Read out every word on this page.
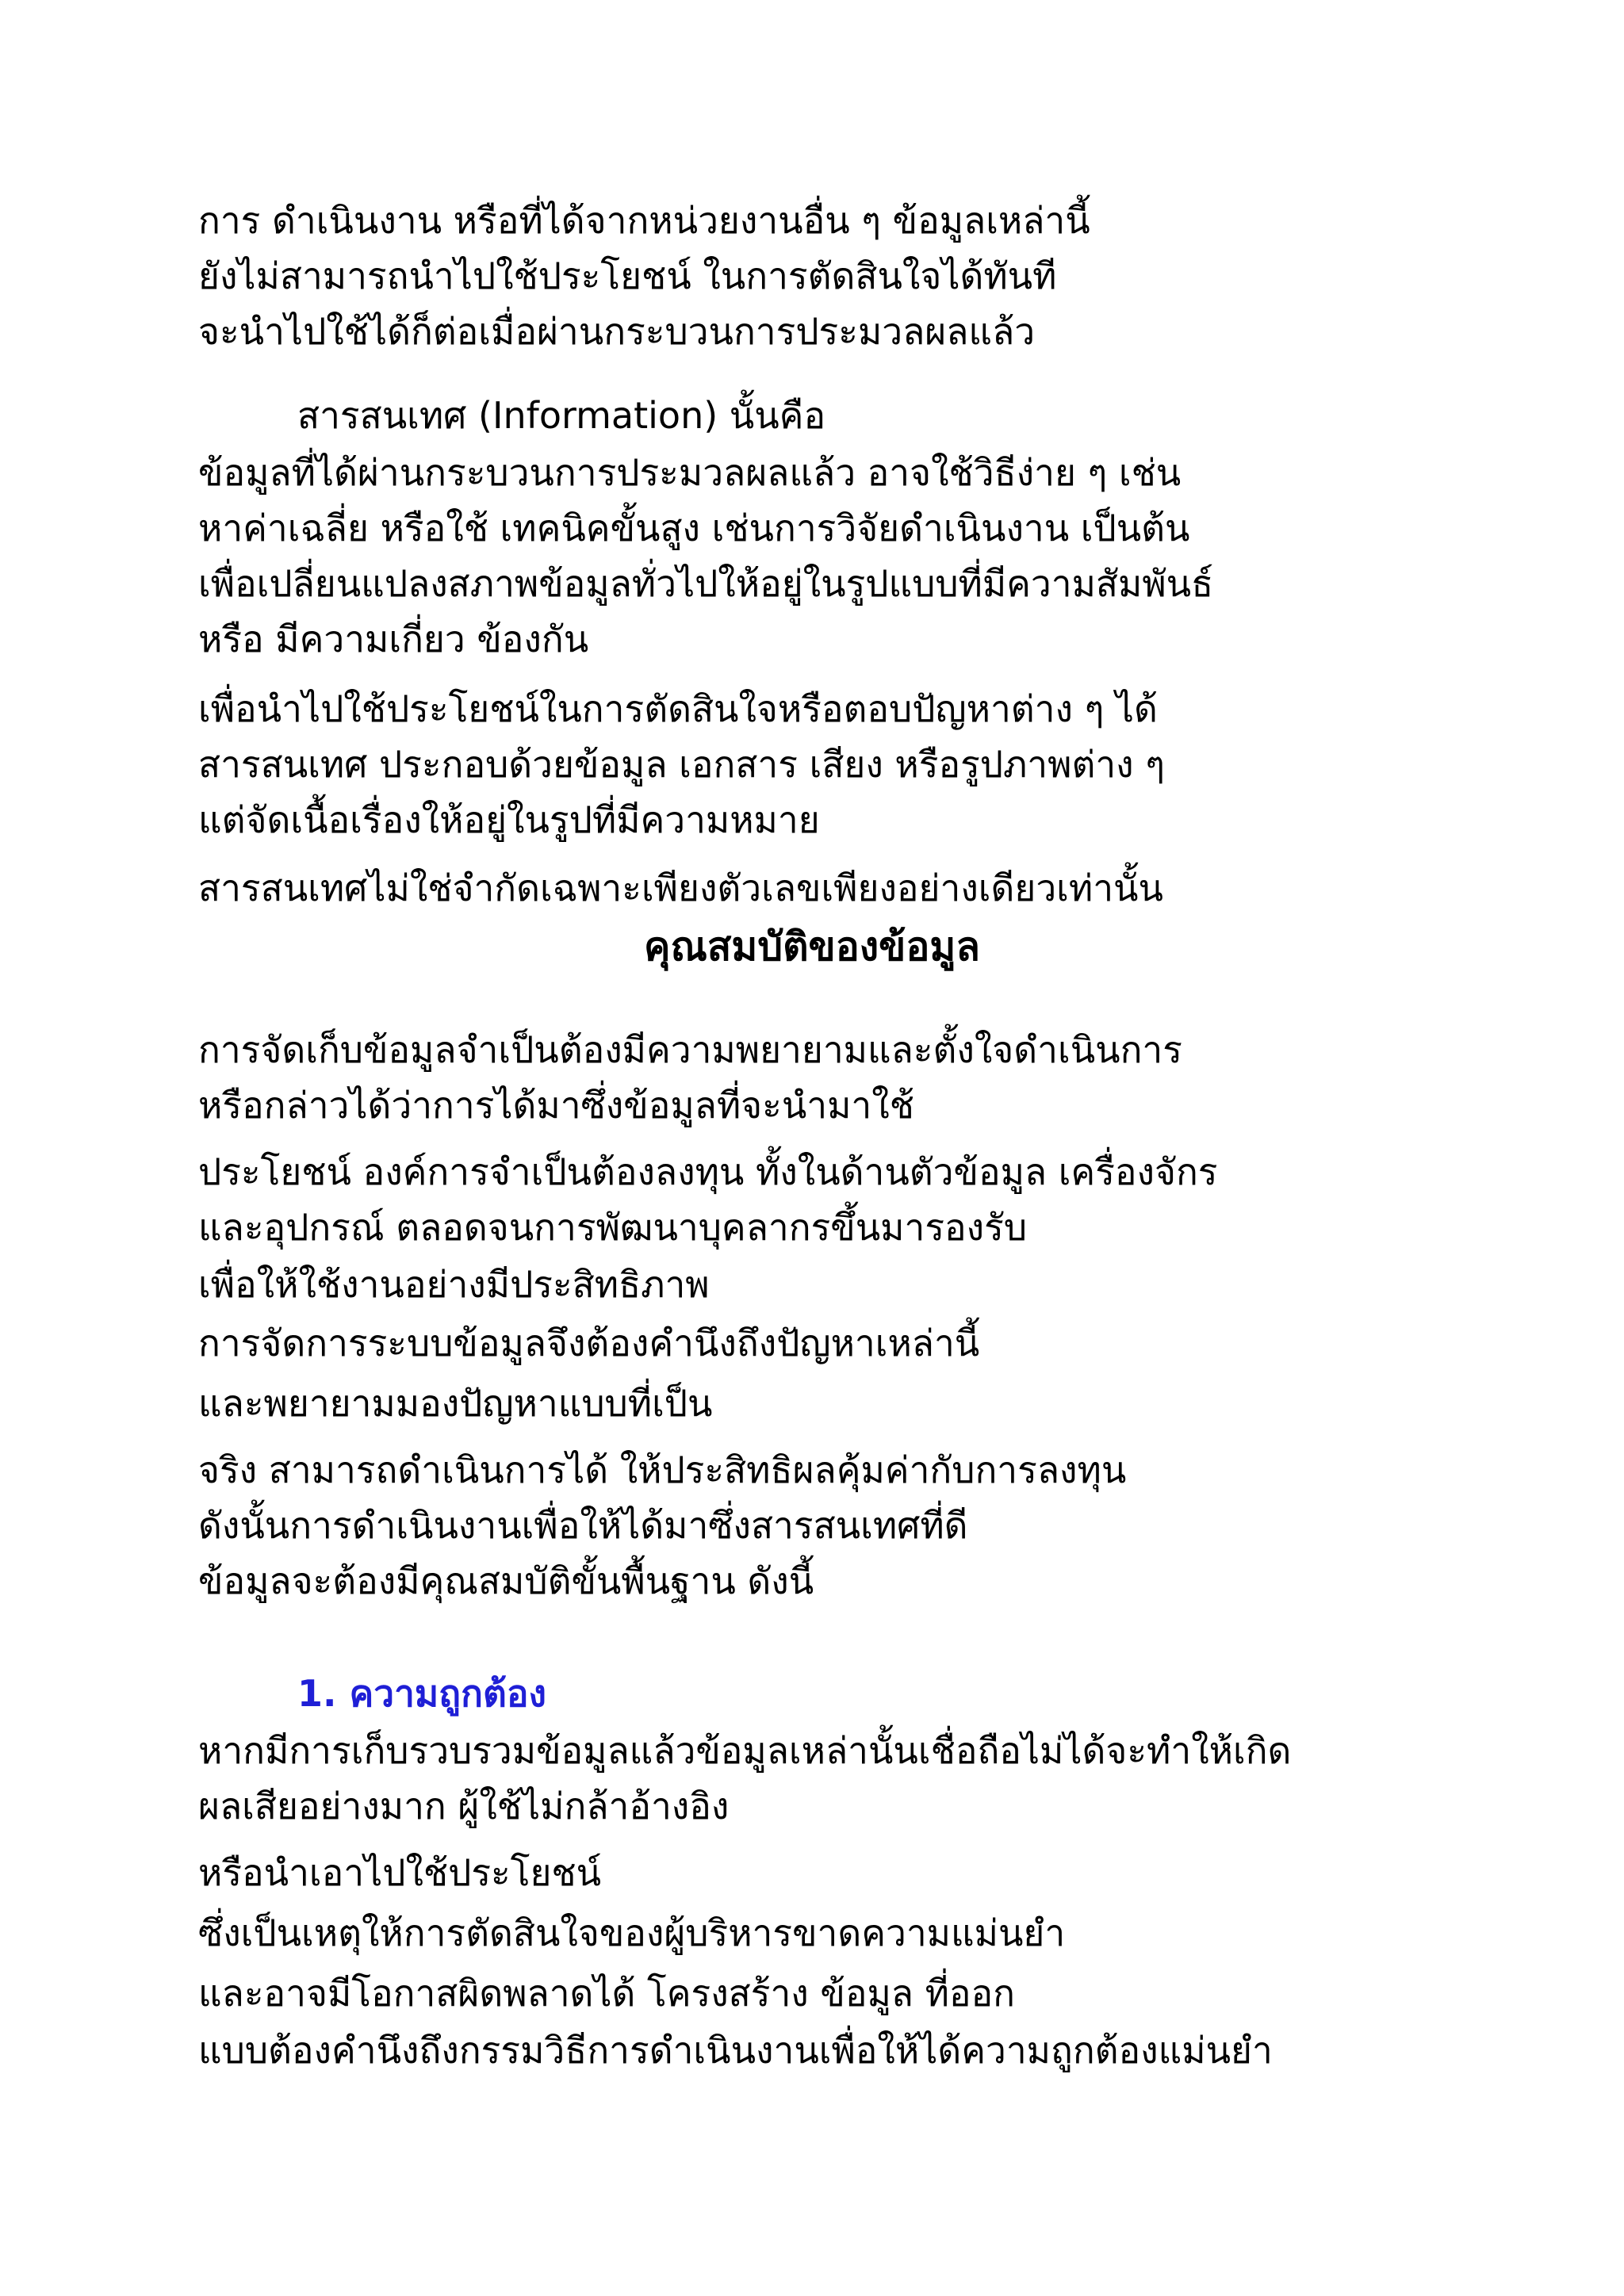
การ ดำเนินงาน หรือที่ได้จากหน่วยงานอื่น ๆ ข้อมูลเหล่านี้
ยังไม่สามารถนำไปใช้ประโยชน์ ในการตัดสินใจได้ทันที
จะนำไปใช้ได้ก็ต่อเมื่อผ่านกระบวนการประมวลผลแล้ว
สารสนเทศ (Information) นั้นคือ
ข้อมูลที่ได้ผ่านกระบวนการประมวลผลแล้ว อาจใช้วิธีง่าย ๆ เช่น
หาค่าเฉลี่ย หรือใช้ เทคนิคขั้นสูง เช่นการวิจัยดำเนินงาน เป็นต้น
เพื่อเปลี่ยนแปลงสภาพข้อมูลทั่วไปให้อยู่ในรูปแบบที่มีความสัมพันธ์
หรือ มีความเกี่ยว ข้องกัน
เพื่อนำไปใช้ประโยชน์ในการตัดสินใจหรือตอบปัญหาต่าง ๆ ได้
สารสนเทศ ประกอบด้วยข้อมูล เอกสาร เสียง หรือรูปภาพต่าง ๆ
แต่จัดเนื้อเรื่องให้อยู่ในรูปที่มีความหมาย
สารสนเทศไม่ใช่จำกัดเฉพาะเพียงตัวเลขเพียงอย่างเดียวเท่านั้น
คุณสมบัติของข้อมูล
การจัดเก็บข้อมูลจำเป็นต้องมีความพยายามและตั้งใจดำเนินการ
หรือกล่าวได้ว่าการได้มาซึ่งข้อมูลที่จะนำมาใช้
ประโยชน์ องค์การจำเป็นต้องลงทุน ทั้งในด้านตัวข้อมูล เครื่องจักร
และอุปกรณ์ ตลอดจนการพัฒนาบุคลากรขึ้นมารองรับ
เพื่อให้ใช้งานอย่างมีประสิทธิภาพ
การจัดการระบบข้อมูลจึงต้องคำนึงถึงปัญหาเหล่านี้
และพยายามมองปัญหาแบบที่เป็น
จริง สามารถดำเนินการได้ ให้ประสิทธิผลคุ้มค่ากับการลงทุน
ดังนั้นการดำเนินงานเพื่อให้ได้มาซึ่งสารสนเทศที่ดี
ข้อมูลจะต้องมีคุณสมบัติขั้นพื้นฐาน ดังนี้
1. ความถูกต้อง
หากมีการเก็บรวบรวมข้อมูลแล้วข้อมูลเหล่านั้นเชื่อถือไม่ได้จะทำให้เกิด
ผลเสียอย่างมาก ผู้ใช้ไม่กล้าอ้างอิง
หรือนำเอาไปใช้ประโยชน์
ซึ่งเป็นเหตุให้การตัดสินใจของผู้บริหารขาดความแม่นยำ
และอาจมีโอกาสผิดพลาดได้ โครงสร้าง ข้อมูล ที่ออก
แบบต้องคำนึงถึงกรรมวิธีการดำเนินงานเพื่อให้ได้ความถูกต้องแม่นยำ
